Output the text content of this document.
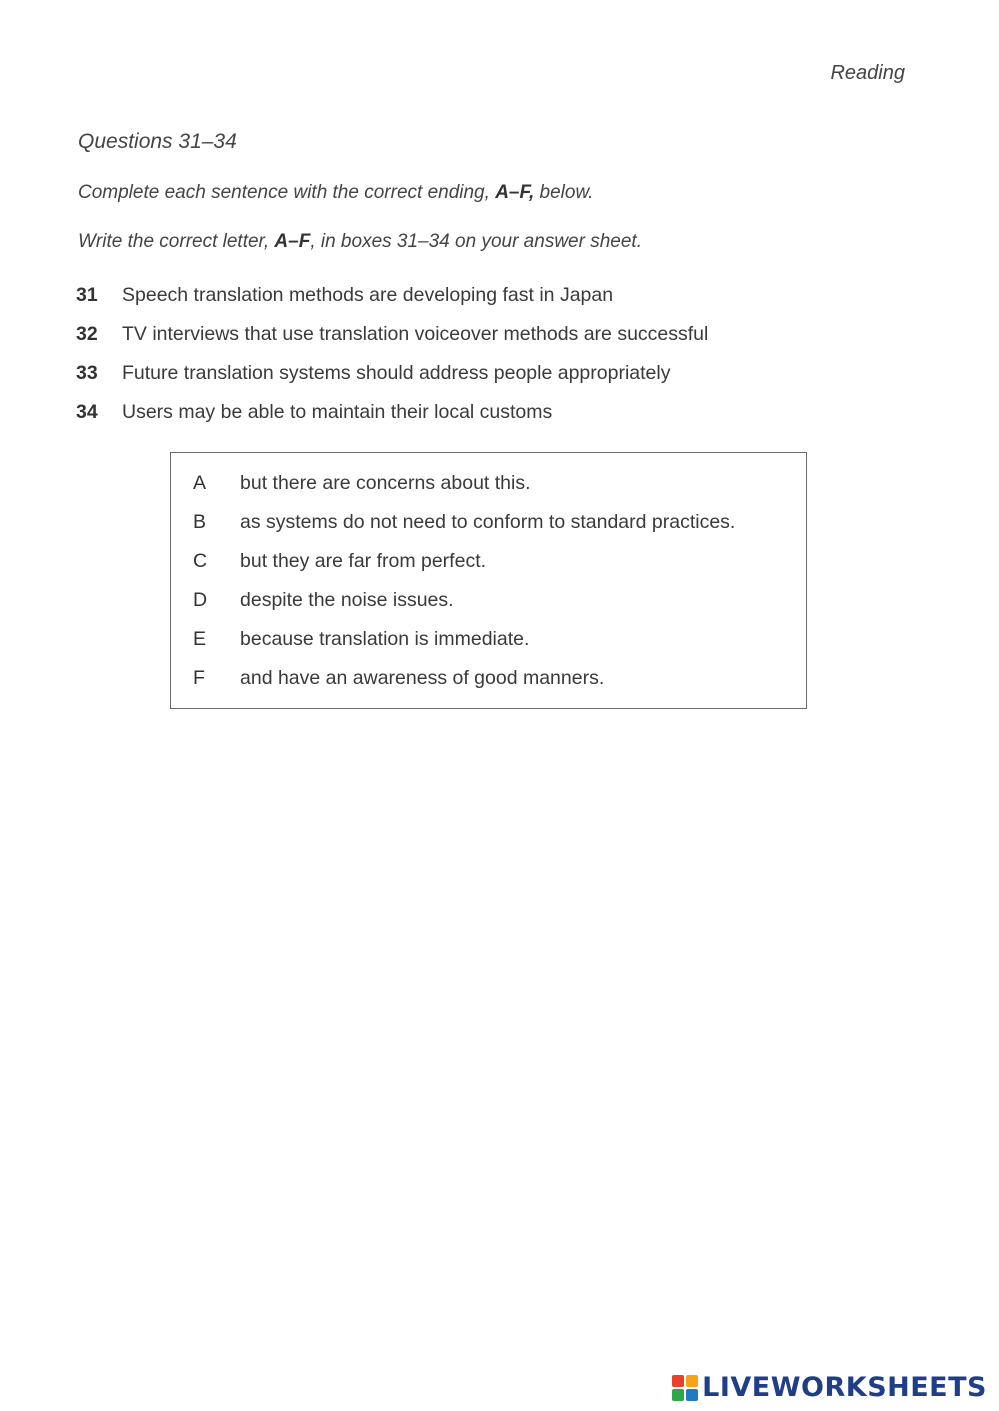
Reading
Questions 31–34
Complete each sentence with the correct ending, A–F, below.
Write the correct letter, A–F, in boxes 31–34 on your answer sheet.
31	Speech translation methods are developing fast in Japan
32	TV interviews that use translation voiceover methods are successful
33	Future translation systems should address people appropriately
34	Users may be able to maintain their local customs
A	but there are concerns about this.
B	as systems do not need to conform to standard practices.
C	but they are far from perfect.
D	despite the noise issues.
E	because translation is immediate.
F	and have an awareness of good manners.
LIVEWORKSHEETS
